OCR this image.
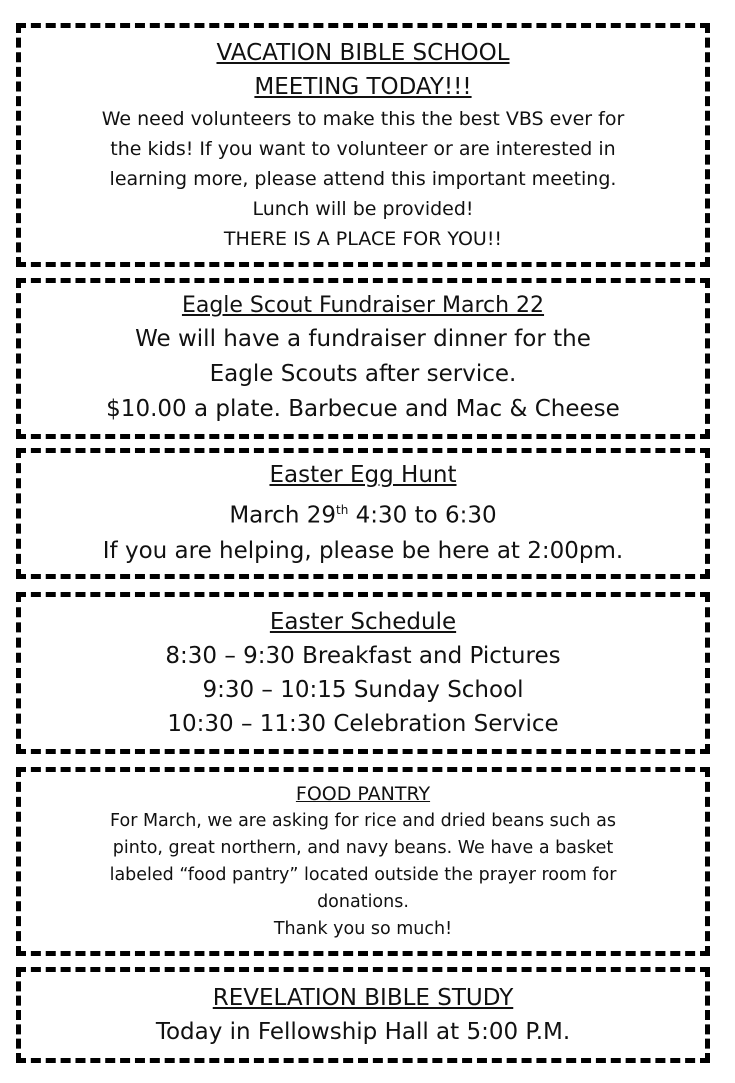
VACATION BIBLE SCHOOL
MEETING TODAY!!!
We need volunteers to make this the best VBS ever for
the kids! If you want to volunteer or are interested in
learning more, please attend this important meeting.
Lunch will be provided!
THERE IS A PLACE FOR YOU!!
Eagle Scout Fundraiser March 22
We will have a fundraiser dinner for the
Eagle Scouts after service.
$10.00 a plate. Barbecue and Mac & Cheese
Easter Egg Hunt
March 29th 4:30 to 6:30
If you are helping, please be here at 2:00pm.
Easter Schedule
8:30 – 9:30 Breakfast and Pictures
9:30 – 10:15 Sunday School
10:30 – 11:30 Celebration Service
FOOD PANTRY
For March, we are asking for rice and dried beans such as
pinto, great northern, and navy beans. We have a basket
labeled “food pantry” located outside the prayer room for
donations.
Thank you so much!
REVELATION BIBLE STUDY
Today in Fellowship Hall at 5:00 P.M.
